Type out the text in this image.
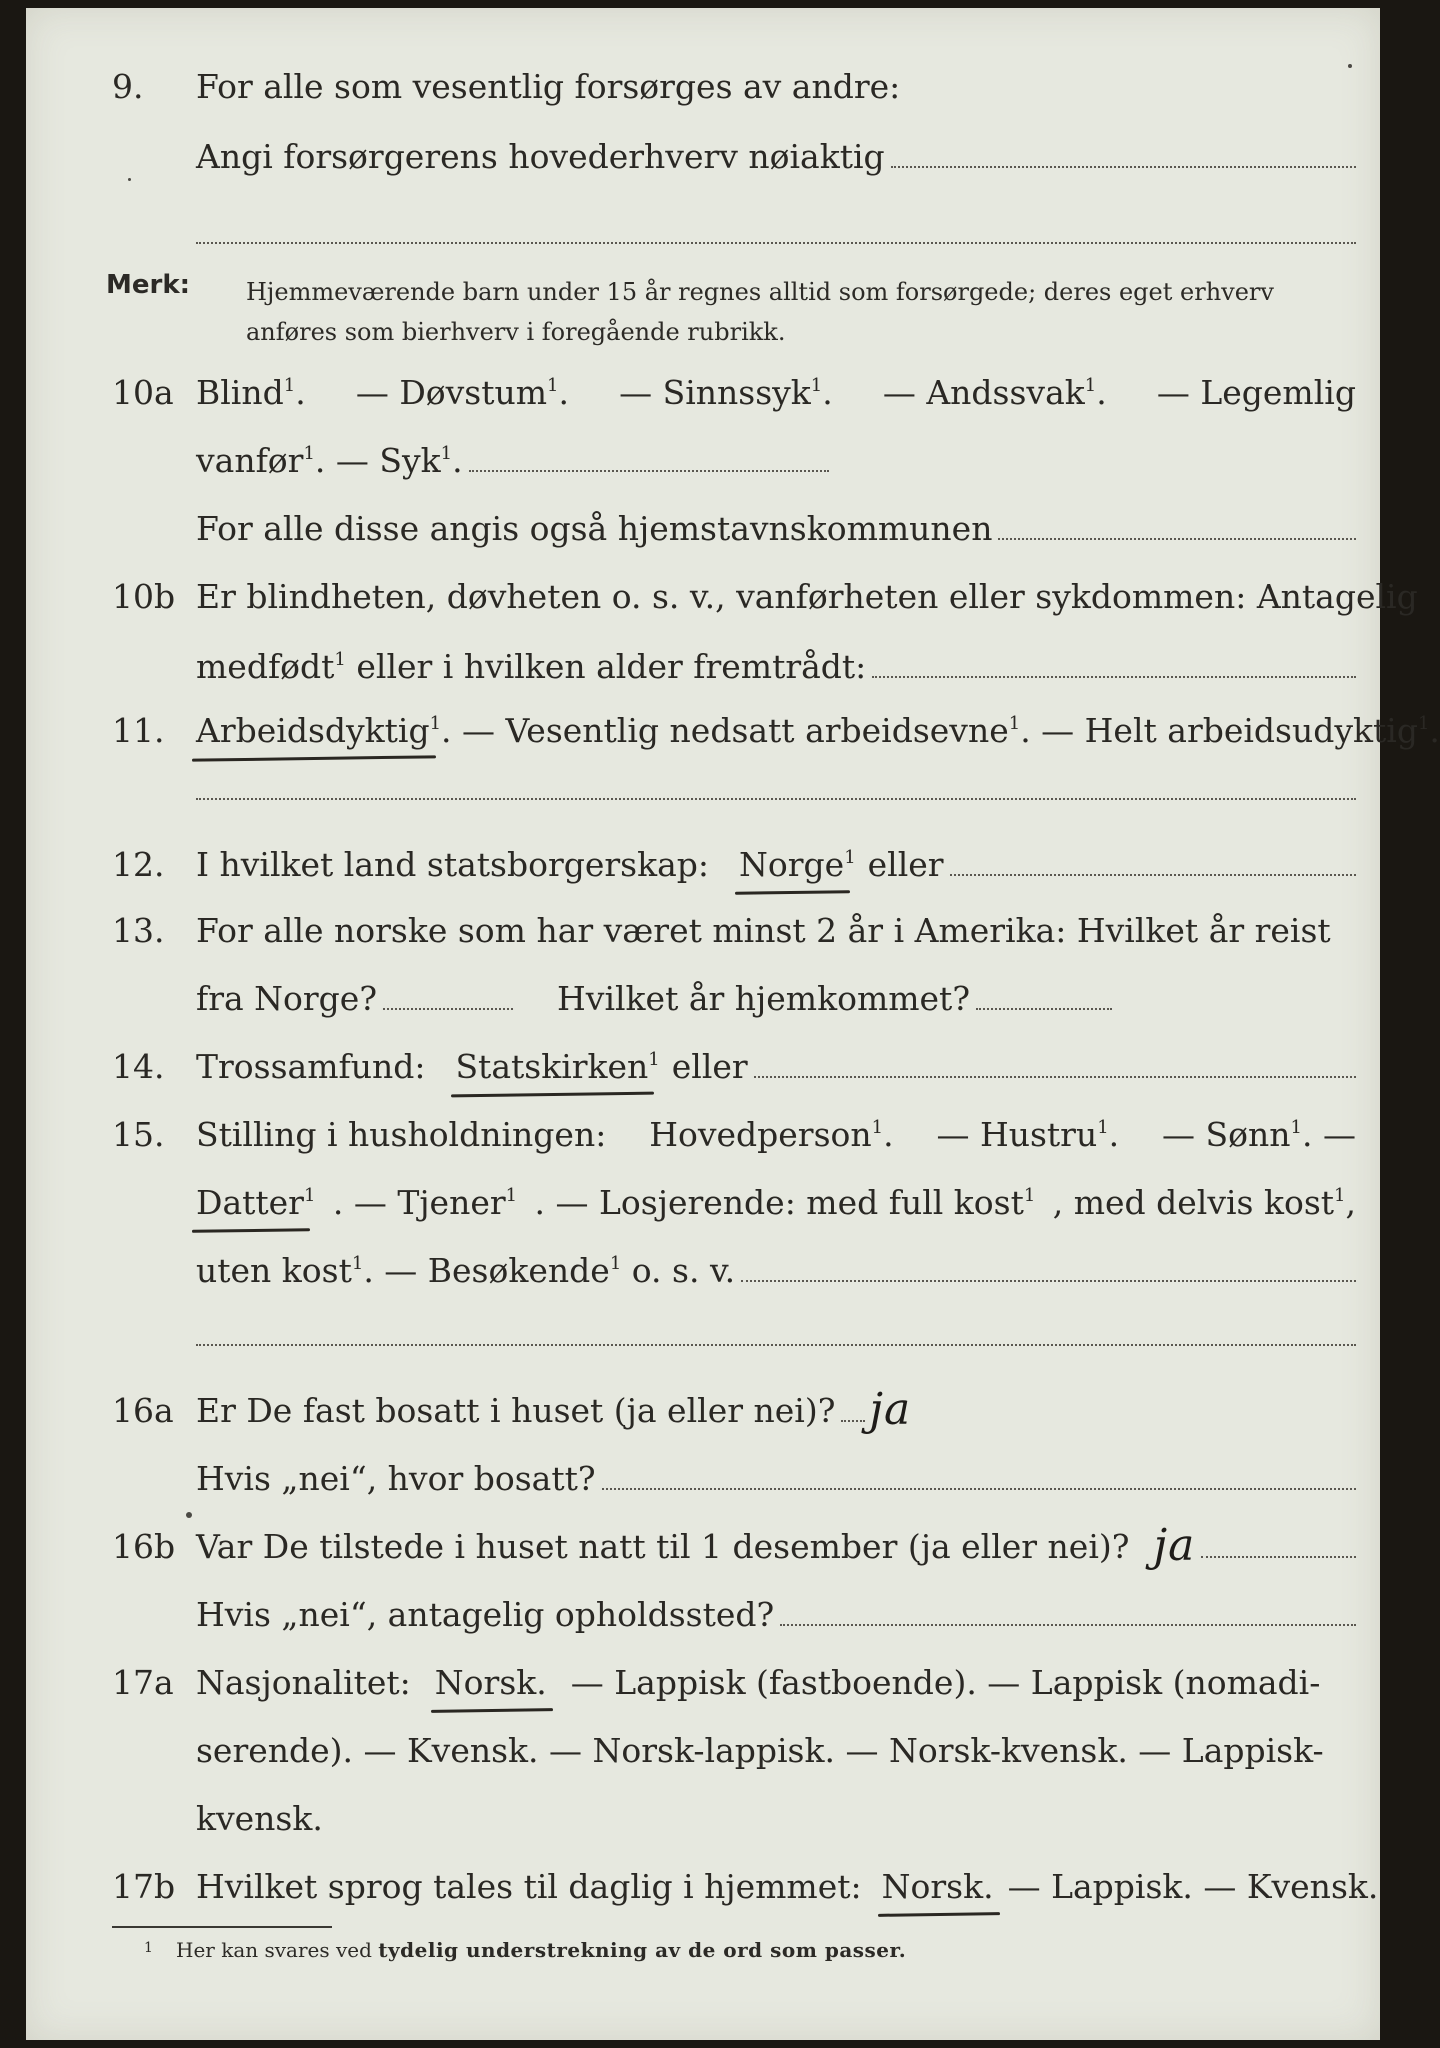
9. For alle som vesentlig forsørges av andre:
Angi forsørgerens hovederhverv nøiaktig
Merk: Hjemmeværende barn under 15 år regnes alltid som forsørgede; deres eget erhverv anføres som bierhverv i foregående rubrikk.
10a Blind$^1$. — Døvstum$^1$. — Sinnssyk$^1$. — Andssvak$^1$. — Legemlig
vanfør$^1$. — Syk$^1$.
For alle disse angis også hjemstavnskommunen
10b Er blindheten, døvheten o. s. v., vanførheten eller sykdommen: Antagelig
medfødt$^1$ eller i hvilken alder fremtrådt:
11. Arbeidsdyktig$^1$ . — Vesentlig nedsatt arbeidsevne$^1$ . — Helt arbeidsudyktig$^1$.
12. I hvilket land statsborgerskap: Norge$^1$ eller
13. For alle norske som har været minst 2 år i Amerika: Hvilket år reist
fra Norge?	Hvilket år hjemkommet?
14. Trossamfund: Statskirken$^1$ eller
15. Stilling i husholdningen: Hovedperson$^1$. — Hustru$^1$. — Sønn$^1$. —
Datter$^1$ . — Tjener$^1$ . — Losjerende: med full kost$^1$ , med delvis kost$^1$,
uten kost$^1$. — Besøkende$^1$ o. s. v.
16a Er De fast bosatt i huset (ja eller nei)? ja
Hvis „nei“, hvor bosatt?
16b Var De tilstede i huset natt til 1 desember (ja eller nei)? ja
Hvis „nei“, antagelig opholdssted?
17a Nasjonalitet: Norsk. — Lappisk (fastboende). — Lappisk (nomadi-
serende). — Kvensk. — Norsk-lappisk. — Norsk-kvensk. — Lappisk-
kvensk.
17b Hvilket sprog tales til daglig i hjemmet: Norsk. — Lappisk. — Kvensk.
1 Her kan svares ved tydelig understrekning av de ord som passer.
